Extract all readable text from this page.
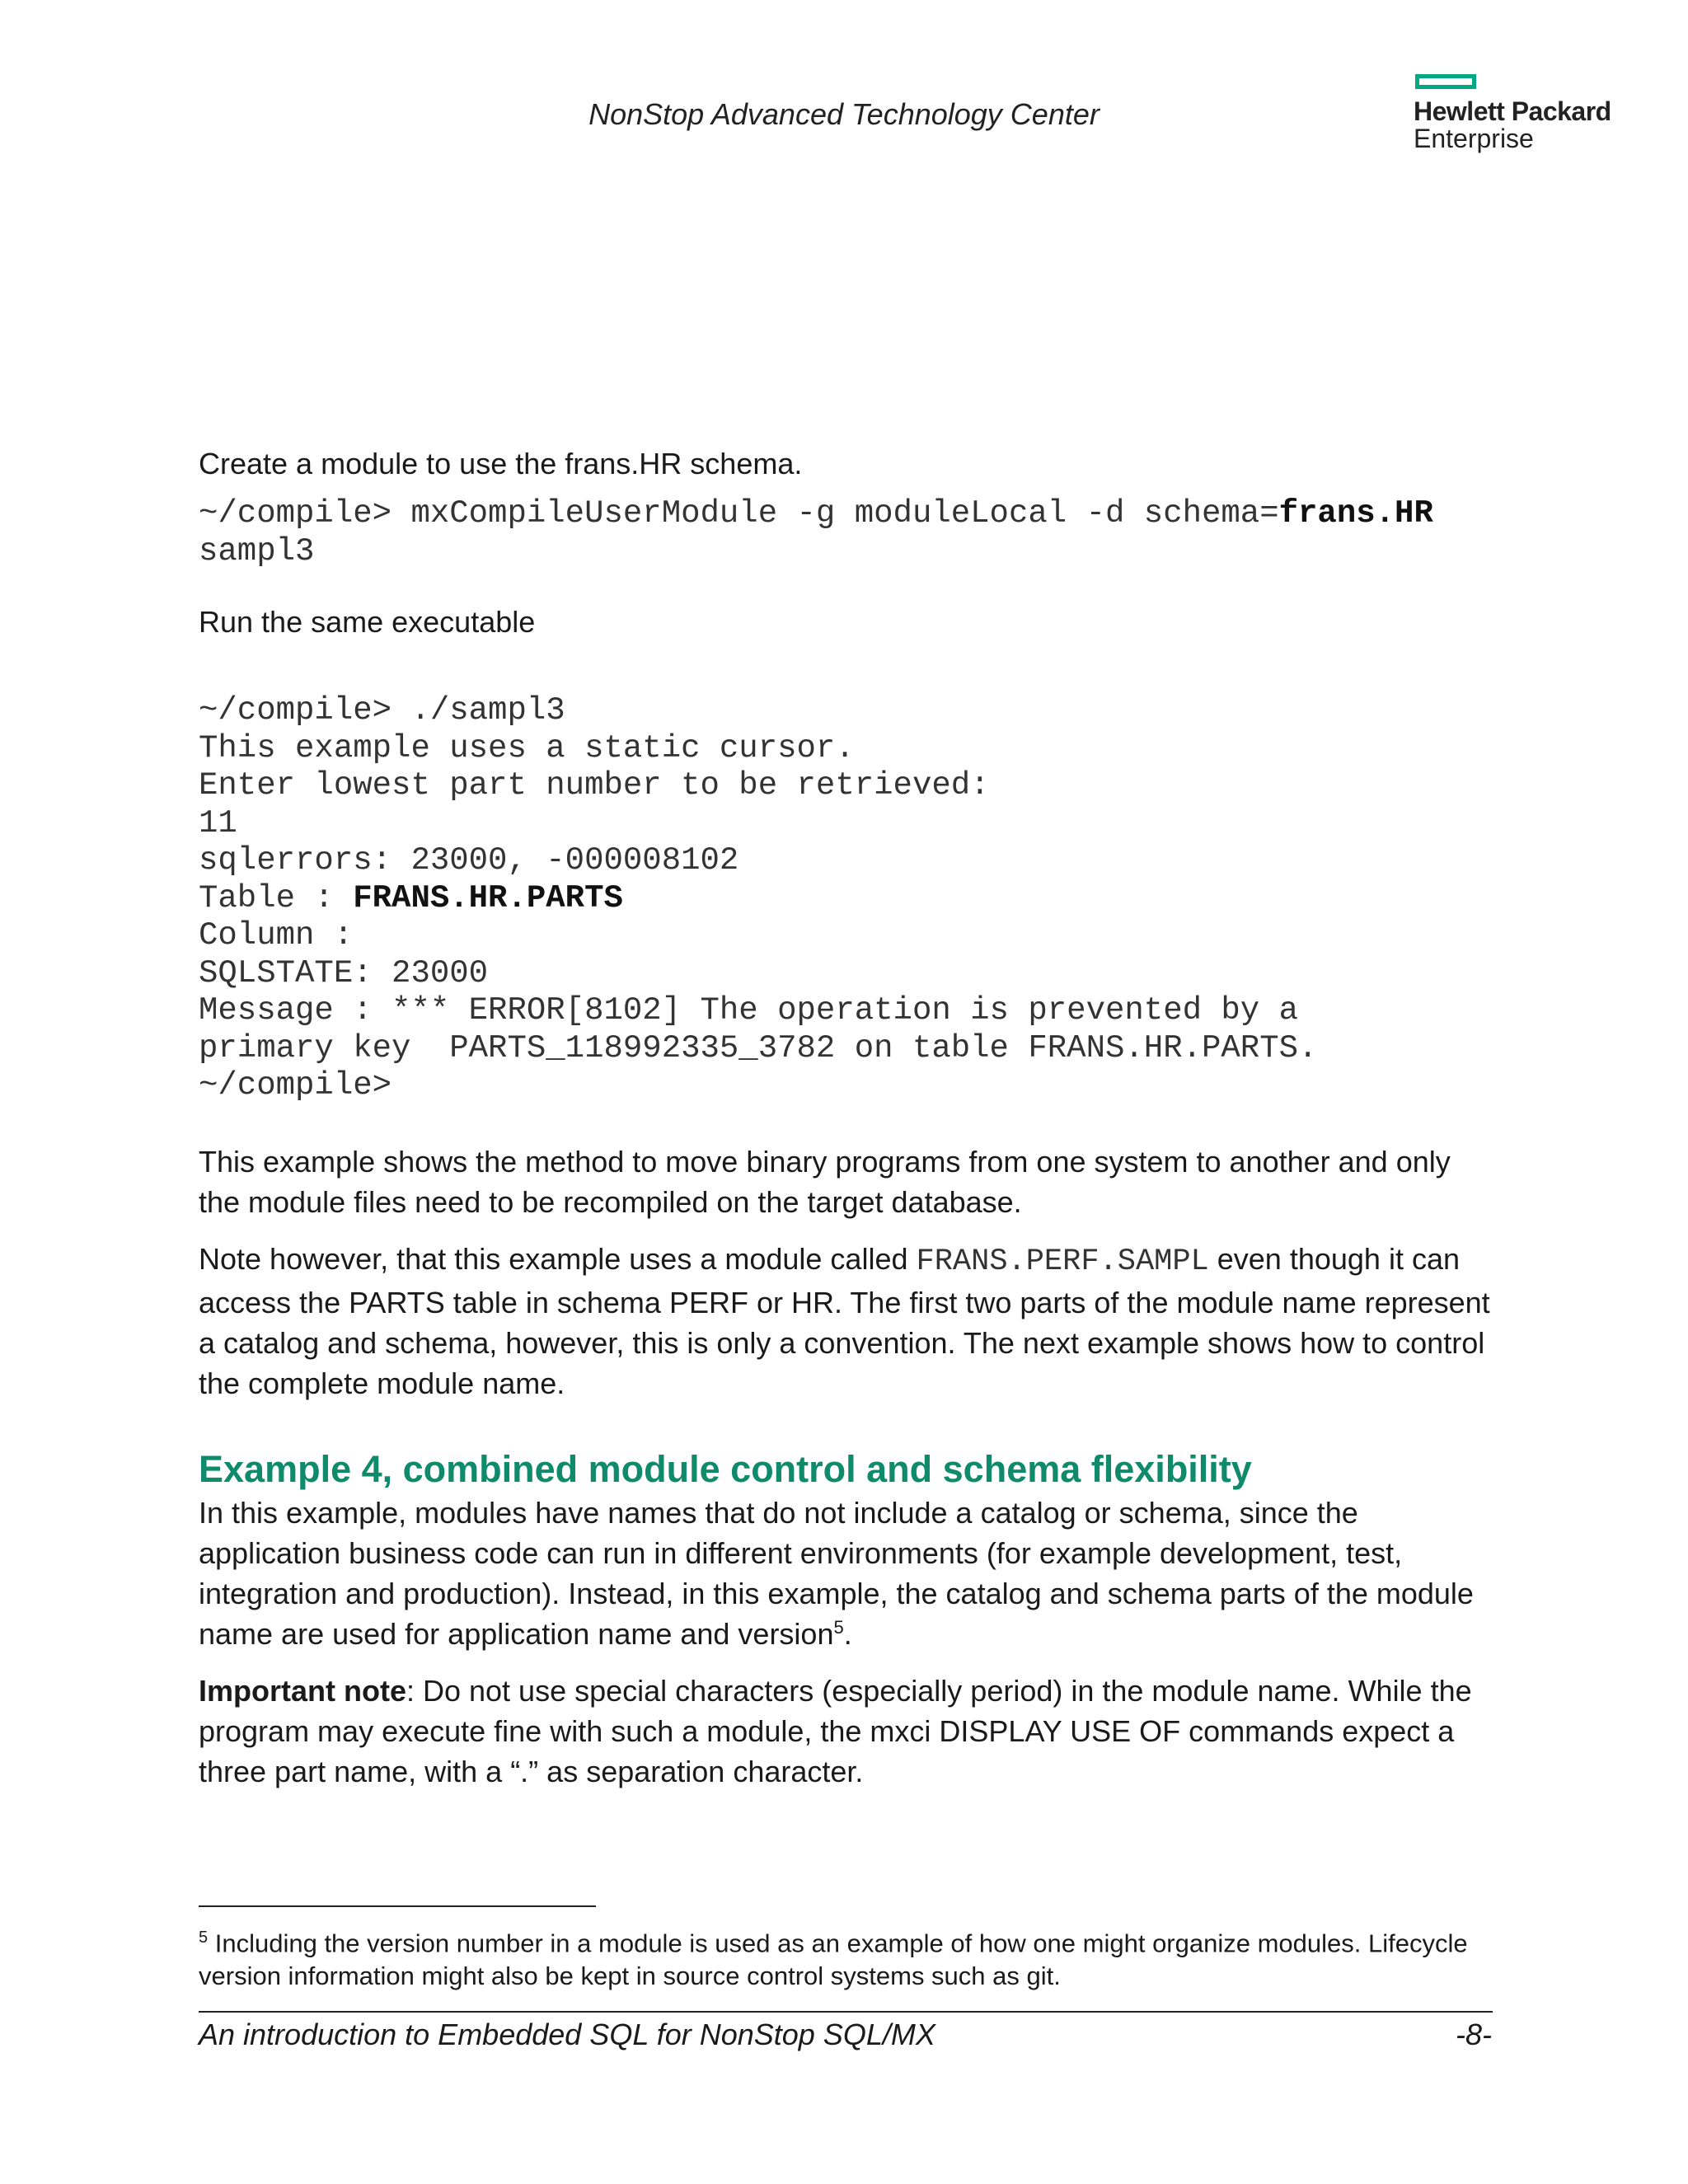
NonStop Advanced Technology Center	Hewlett Packard
Enterprise

Create a module to use the frans.HR schema.

~/compile> mxCompileUserModule -g moduleLocal -d schema=frans.HR
sampl3

Run the same executable

~/compile> ./sampl3
This example uses a static cursor.
Enter lowest part number to be retrieved:
11
sqlerrors: 23000, -000008102
Table : FRANS.HR.PARTS
Column :
SQLSTATE: 23000
Message : *** ERROR[8102] The operation is prevented by a
primary key  PARTS_118992335_3782 on table FRANS.HR.PARTS.
~/compile>

This example shows the method to move binary programs from one system to another and only the module files need to be recompiled on the target database.

Note however, that this example uses a module called FRANS.PERF.SAMPL even though it can access the PARTS table in schema PERF or HR. The first two parts of the module name represent a catalog and schema, however, this is only a convention. The next example shows how to control the complete module name.

Example 4, combined module control and schema flexibility

In this example, modules have names that do not include a catalog or schema, since the application business code can run in different environments (for example development, test, integration and production). Instead, in this example, the catalog and schema parts of the module name are used for application name and version$^5$.

Important note: Do not use special characters (especially period) in the module name. While the program may execute fine with such a module, the mxci DISPLAY USE OF commands expect a three part name, with a “.” as separation character.

$^5$ Including the version number in a module is used as an example of how one might organize modules. Lifecycle version information might also be kept in source control systems such as git.
An introduction to Embedded SQL for NonStop SQL/MX	-8-
